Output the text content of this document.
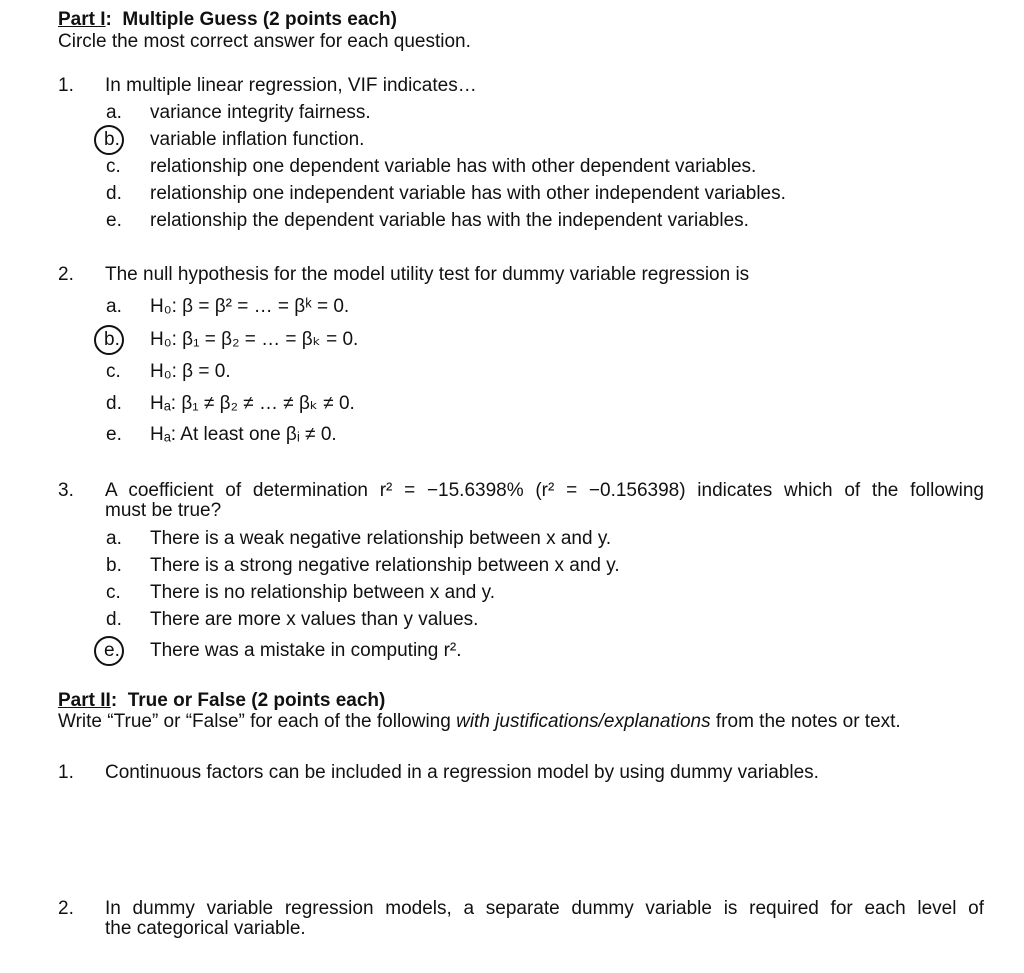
Part I:  Multiple Guess (2 points each)
Circle the most correct answer for each question.
1. In multiple linear regression, VIF indicates…
a. variance integrity fairness.
b. variable inflation function.
c. relationship one dependent variable has with other dependent variables.
d. relationship one independent variable has with other independent variables.
e. relationship the dependent variable has with the independent variables.
2. The null hypothesis for the model utility test for dummy variable regression is
a. H₀: β = β² = … = βᵏ = 0.
b. H₀: β₁ = β₂ = … = βₖ = 0.
c. H₀: β = 0.
d. Hₐ: β₁ ≠ β₂ ≠ … ≠ βₖ ≠ 0.
e. Hₐ: At least one βᵢ ≠ 0.
3. A coefficient of determination r² = −15.6398% (r² = −0.156398) indicates which of the following
must be true?
a. There is a weak negative relationship between x and y.
b. There is a strong negative relationship between x and y.
c. There is no relationship between x and y.
d. There are more x values than y values.
e. There was a mistake in computing r².
Part II:  True or False (2 points each)
Write “True” or “False” for each of the following with justifications/explanations from the notes or text.
1. Continuous factors can be included in a regression model by using dummy variables.
2. In dummy variable regression models, a separate dummy variable is required for each level of
the categorical variable.
